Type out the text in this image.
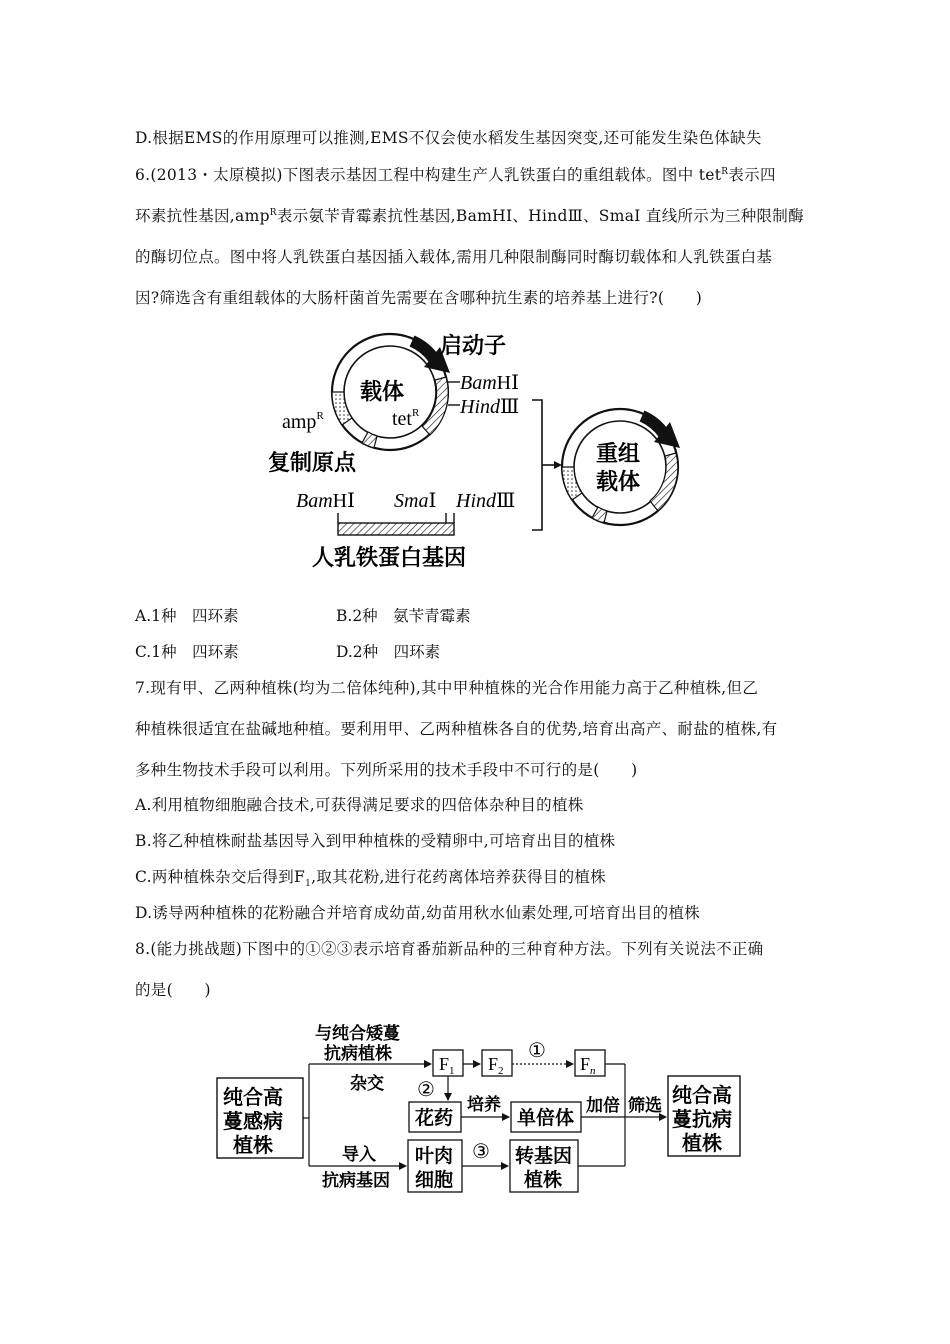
D.根据EMS的作用原理可以推测,EMS不仅会使水稻发生基因突变,还可能发生染色体缺失
6.(2013・太原模拟)下图表示基因工程中构建生产人乳铁蛋白的重组载体。图中 tet$^R$表示四
环素抗性基因,amp$^R$表示氨苄青霉素抗性基因,BamHⅠ、HindⅢ、SmaⅠ 直线所示为三种限制酶
的酶切位点。图中将人乳铁蛋白基因插入载体,需用几种限制酶同时酶切载体和人乳铁蛋白基
因?筛选含有重组载体的大肠杆菌首先需要在含哪种抗生素的培养基上进行?(　　)
启动子
载体
tet$^R$
amp$^R$
BamHⅠ
HindⅢ
复制原点
BamHⅠ SmaⅠ HindⅢ
人乳铁蛋白基因
重组
载体
A.1种　四环素	B.2种　氨苄青霉素
C.1种　四环素	D.2种　四环素
7.现有甲、乙两种植株(均为二倍体纯种),其中甲种植株的光合作用能力高于乙种植株,但乙
种植株很适宜在盐碱地种植。要利用甲、乙两种植株各自的优势,培育出高产、耐盐的植株,有
多种生物技术手段可以利用。下列所采用的技术手段中不可行的是(　　)
A.利用植物细胞融合技术,可获得满足要求的四倍体杂种目的植株
B.将乙种植株耐盐基因导入到甲种植株的受精卵中,可培育出目的植株
C.两种植株杂交后得到$F_1$,取其花粉,进行花药离体培养获得目的植株
D.诱导两种植株的花粉融合并培育成幼苗,幼苗用秋水仙素处理,可培育出目的植株
8.(能力挑战题)下图中的①②③表示培育番茄新品种的三种育种方法。下列有关说法不正确
的是(　　)
纯合高
蔓感病
植株
与纯合矮蔓
抗病植株
杂交
$F_1$ $F_2$
①
$F_n$
②
花药
培养
单倍体
加倍 筛选 纯合高
蔓抗病
植株
导入
抗病基因
叶肉
细胞
③ 转基因
植株
